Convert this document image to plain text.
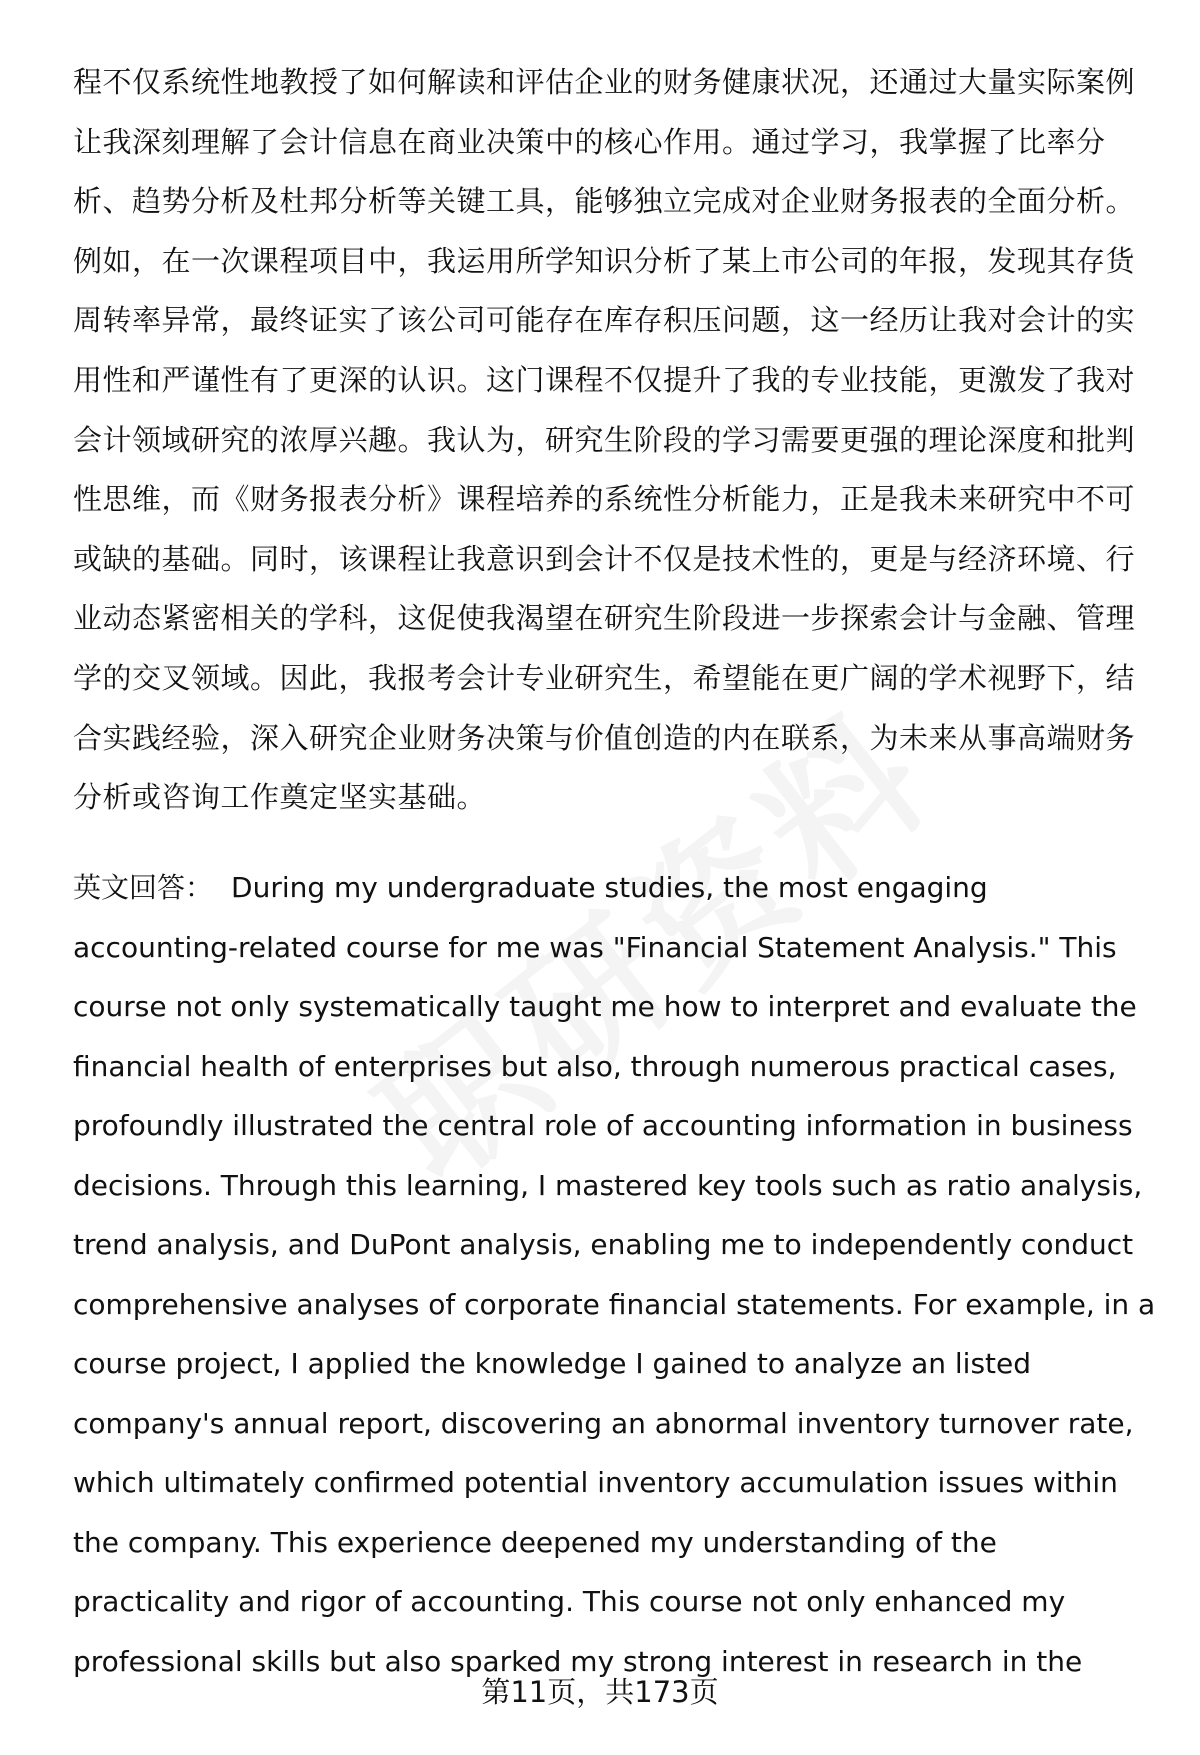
程不仅系统性地教授了如何解读和评估企业的财务健康状况，还通过大量实际案例
让我深刻理解了会计信息在商业决策中的核心作用。通过学习，我掌握了比率分
析、趋势分析及杜邦分析等关键工具，能够独立完成对企业财务报表的全面分析。
例如，在一次课程项目中，我运用所学知识分析了某上市公司的年报，发现其存货
周转率异常，最终证实了该公司可能存在库存积压问题，这一经历让我对会计的实
用性和严谨性有了更深的认识。这门课程不仅提升了我的专业技能，更激发了我对
会计领域研究的浓厚兴趣。我认为，研究生阶段的学习需要更强的理论深度和批判
性思维，而《财务报表分析》课程培养的系统性分析能力，正是我未来研究中不可
或缺的基础。同时，该课程让我意识到会计不仅是技术性的，更是与经济环境、行
业动态紧密相关的学科，这促使我渴望在研究生阶段进一步探索会计与金融、管理
学的交叉领域。因此，我报考会计专业研究生，希望能在更广阔的学术视野下，结
合实践经验，深入研究企业财务决策与价值创造的内在联系，为未来从事高端财务
分析或咨询工作奠定坚实基础。
英文回答： During my undergraduate studies, the most engaging
accounting-related course for me was "Financial Statement Analysis." This
course not only systematically taught me how to interpret and evaluate the
financial health of enterprises but also, through numerous practical cases,
profoundly illustrated the central role of accounting information in business
decisions. Through this learning, I mastered key tools such as ratio analysis,
trend analysis, and DuPont analysis, enabling me to independently conduct
comprehensive analyses of corporate financial statements. For example, in a
course project, I applied the knowledge I gained to analyze an listed
company's annual report, discovering an abnormal inventory turnover rate,
which ultimately confirmed potential inventory accumulation issues within
the company. This experience deepened my understanding of the
practicality and rigor of accounting. This course not only enhanced my
professional skills but also sparked my strong interest in research in the
第11页，共173页
